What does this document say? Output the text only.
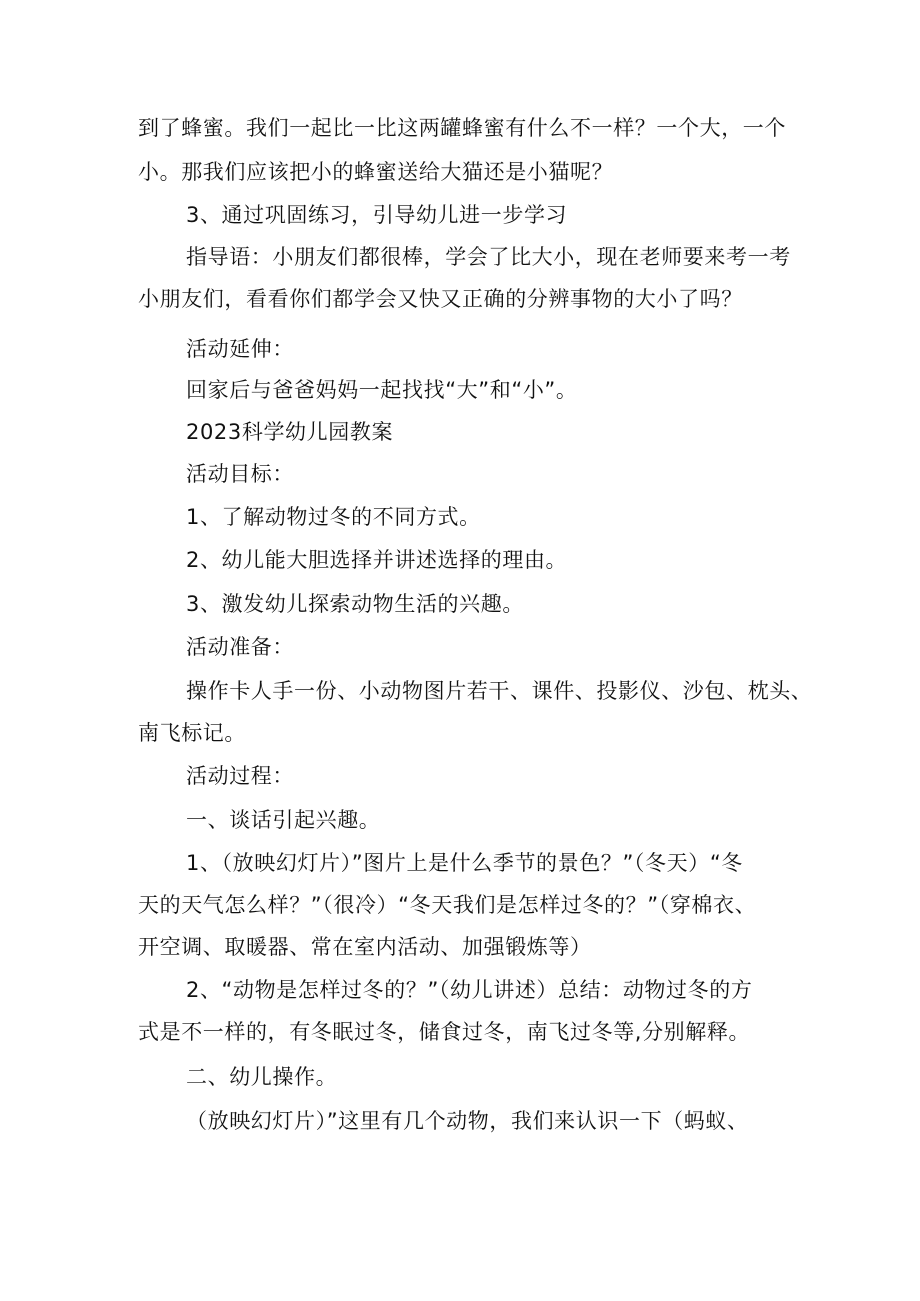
到了蜂蜜。我们一起比一比这两罐蜂蜜有什么不一样？一个大，一个
小。那我们应该把小的蜂蜜送给大猫还是小猫呢？
3、通过巩固练习，引导幼儿进一步学习
指导语：小朋友们都很棒，学会了比大小，现在老师要来考一考
小朋友们，看看你们都学会又快又正确的分辨事物的大小了吗？
活动延伸：
回家后与爸爸妈妈一起找找“大”和“小”。
2023科学幼儿园教案
活动目标：
1、了解动物过冬的不同方式。
2、幼儿能大胆选择并讲述选择的理由。
3、激发幼儿探索动物生活的兴趣。
活动准备：
操作卡人手一份、小动物图片若干、课件、投影仪、沙包、枕头、
南飞标记。
活动过程：
一、谈话引起兴趣。
1、（放映幻灯片）”图片上是什么季节的景色？”（冬天）“冬
天的天气怎么样？”（很冷）“冬天我们是怎样过冬的？”（穿棉衣、
开空调、取暖器、常在室内活动、加强锻炼等）
2、“动物是怎样过冬的？”（幼儿讲述）总结：动物过冬的方
式是不一样的，有冬眠过冬，储食过冬，南飞过冬等,分别解释。
二、幼儿操作。
（放映幻灯片）”这里有几个动物，我们来认识一下（蚂蚁、
